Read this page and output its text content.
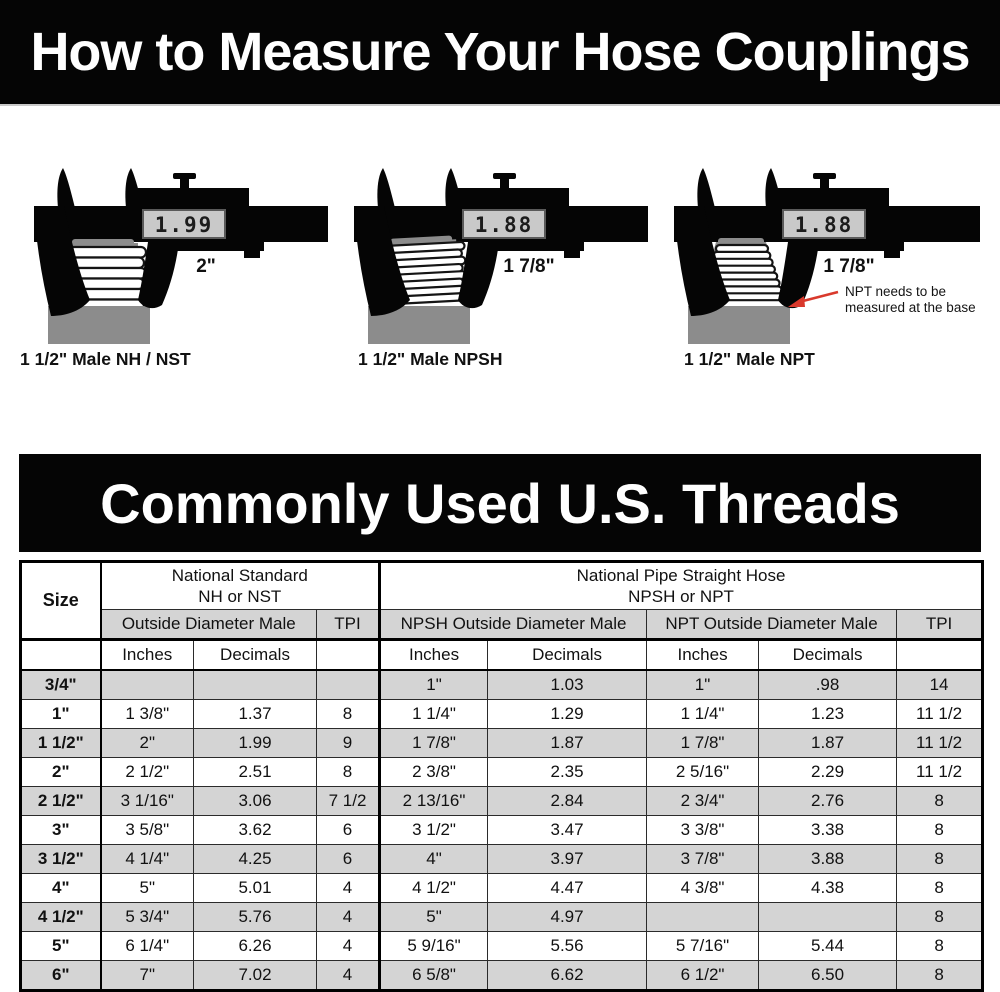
How to Measure Your Hose Couplings
1.99
2"
1 1/2" Male NH / NST
1.88
1 7/8"
1 1/2" Male NPSH
1.88
1 7/8"
NPT needs to be
measured at the base
1 1/2" Male NPT
Commonly Used U.S. Threads
Size	
National Standard
NH or NST

National Pipe Straight Hose
NPSH or NPT

	Outside Diameter Male		TPI	NPSH Outside Diameter Male		NPT Outside Diameter Male		TPI
	Inches	Decimals		Inches	Decimals	Inches	Decimals	
3/4"				1"	1.03	1"	.98	14
1"	1 3/8"	1.37	8	1 1/4"	1.29	1 1/4"	1.23	11 1/2
1 1/2"	2"	1.99	9	1 7/8"	1.87	1 7/8"	1.87	11 1/2
2"	2 1/2"	2.51	8	2 3/8"	2.35	2 5/16"	2.29	11 1/2
2 1/2"	3 1/16"	3.06	7 1/2	2 13/16"	2.84	2 3/4"	2.76	8
3"	3 5/8"	3.62	6	3 1/2"	3.47	3 3/8"	3.38	8
3 1/2"	4 1/4"	4.25	6	4"	3.97	3 7/8"	3.88	8
4"	5"	5.01	4	4 1/2"	4.47	4 3/8"	4.38	8
4 1/2"	5 3/4"	5.76	4	5"	4.97			8
5"	6 1/4"	6.26	4	5 9/16"	5.56	5 7/16"	5.44	8
6"	7"	7.02	4	6 5/8"	6.62	6 1/2"	6.50	8
